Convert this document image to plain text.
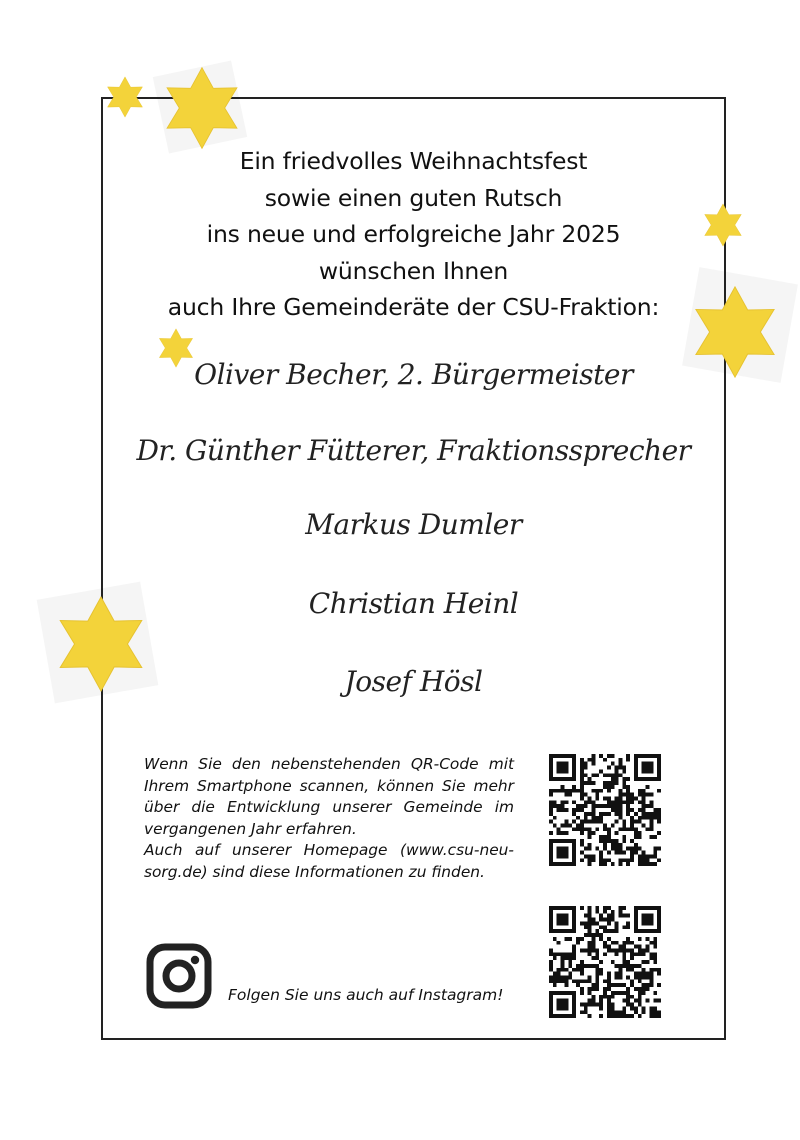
Ein friedvolles Weihnachtsfest
sowie einen guten Rutsch
ins neue und erfolgreiche Jahr 2025
wünschen Ihnen
auch Ihre Gemeinderäte der CSU-Fraktion:
Oliver Becher, 2. Bürgermeister
Dr. Günther Fütterer, Fraktionssprecher
Markus Dumler
Christian Heinl
Josef Hösl

Wenn Sie den nebenstehenden QR-Code mit Ihrem Smartphone scannen, können Sie mehr über die Entwicklung unserer Gemeinde im vergangenen Jahr erfahren.

Auch auf unserer Homepage (www.csu-neu-sorg.de) sind diese Informationen zu finden.

Folgen Sie uns auch auf Instagram!
